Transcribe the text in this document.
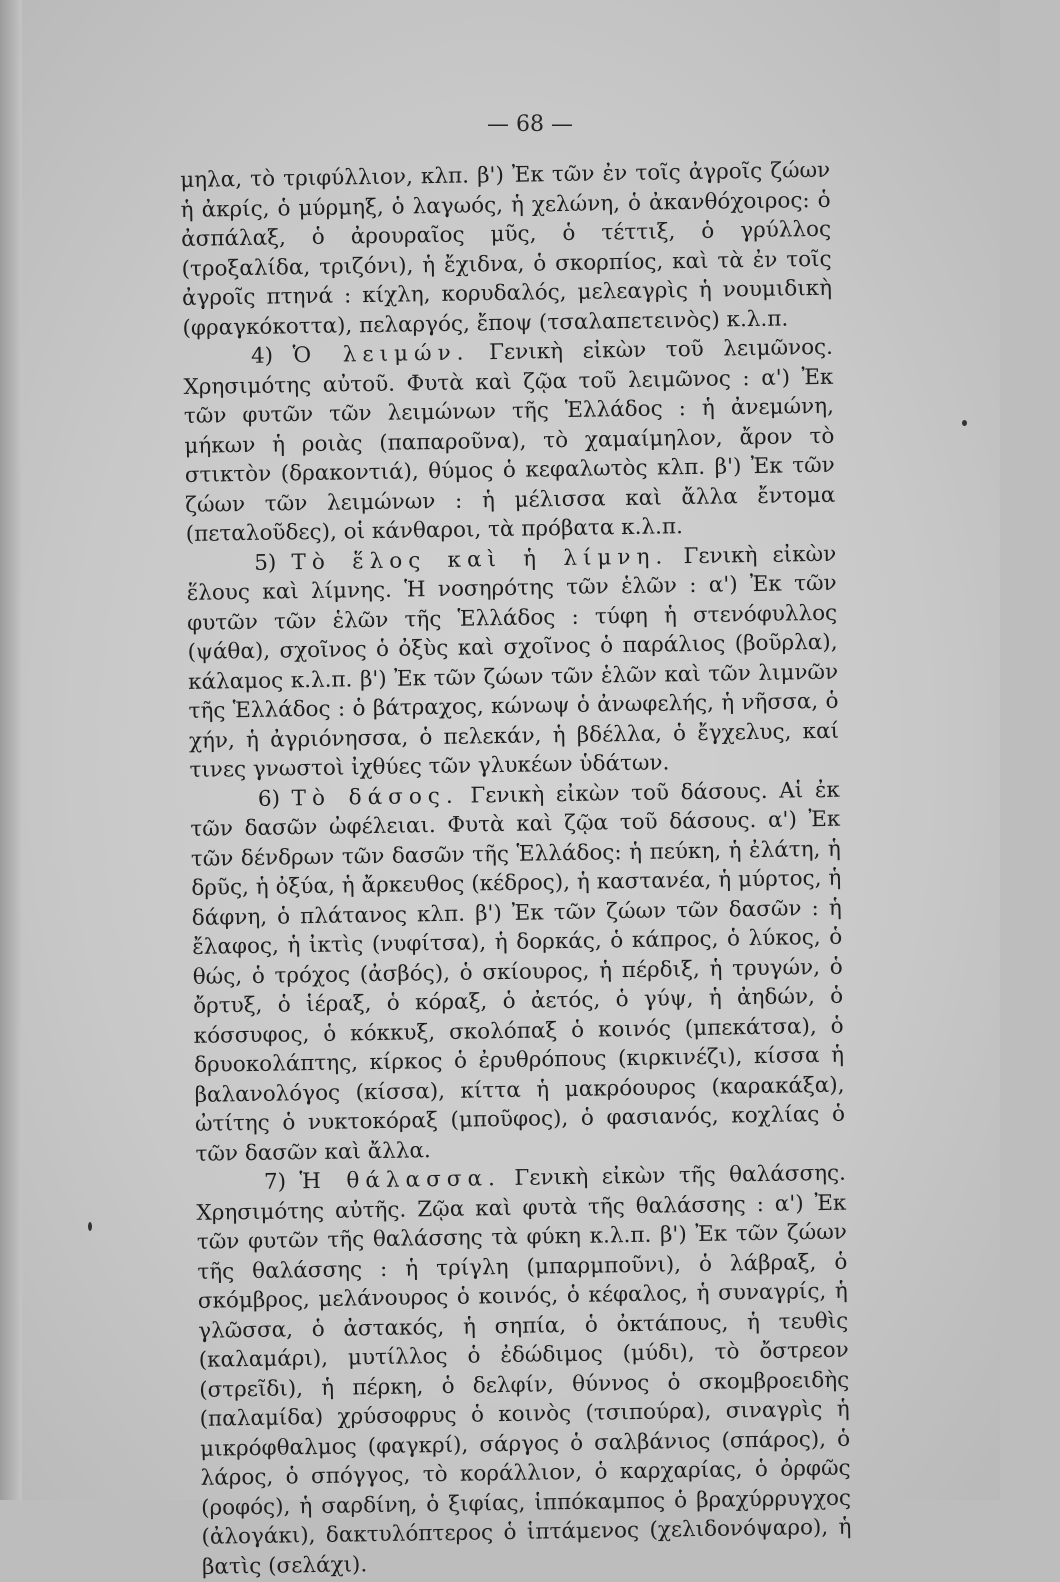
— 68 —

μηλα, τὸ τριφύλλιον, κλπ. β') Ἐκ τῶν ἐν τοῖς ἀγροῖς ζώων ἡ ἀκρίς, ὁ μύρμηξ, ὁ λαγωός, ἡ χελώνη, ὁ ἀκανθόχοιρος: ὁ ἀσπάλαξ, ὁ ἀρουραῖος μῦς, ὁ τέττιξ, ὁ γρύλλος (τροξαλίδα, τριζόνι), ἡ ἔχιδνα, ὁ σκορπίος, καὶ τὰ ἐν τοῖς ἀγροῖς πτηνά : κίχλη, κορυδαλός, μελεαγρὶς ἡ νουμιδικὴ (φραγκόκοττα), πελαργός, ἔποψ (τσαλαπετεινὸς) κ.λ.π.

4) Ὁ λειμών. Γενικὴ εἰκὼν τοῦ λειμῶνος. Χρησιμότης αὐτοῦ. Φυτὰ καὶ ζῷα τοῦ λειμῶνος : α') Ἐκ τῶν φυτῶν τῶν λειμώνων τῆς Ἑλλάδος : ἡ ἀνεμώνη, μήκων ἡ ροιὰς (παπαροῦνα), τὸ χαμαίμηλον, ἄρον τὸ στικτὸν (δρακοντιά), θύμος ὁ κεφαλωτὸς κλπ. β') Ἐκ τῶν ζώων τῶν λειμώνων : ἡ μέλισσα καὶ ἄλλα ἔντομα (πεταλοῦδες), οἱ κάνθαροι, τὰ πρόβατα κ.λ.π.

5) Τὸ ἕλος καὶ ἡ λίμνη. Γενικὴ εἰκὼν ἕλους καὶ λίμνης. Ἡ νοσηρότης τῶν ἑλῶν : α') Ἐκ τῶν φυτῶν τῶν ἑλῶν τῆς Ἑλλάδος : τύφη ἡ στενόφυλλος (ψάθα), σχοῖνος ὁ ὀξὺς καὶ σχοῖνος ὁ παράλιος (βοῦρλα), κάλαμος κ.λ.π. β') Ἐκ τῶν ζώων τῶν ἑλῶν καὶ τῶν λιμνῶν τῆς Ἑλλάδος : ὁ βάτραχος, κώνωψ ὁ ἀνωφελής, ἡ νῆσσα, ὁ χήν, ἡ ἀγριόνησσα, ὁ πελεκάν, ἡ βδέλλα, ὁ ἔγχελυς, καί τινες γνωστοὶ ἰχθύες τῶν γλυκέων ὑδάτων.

6) Τὸ δάσος. Γενικὴ εἰκὼν τοῦ δάσους. Αἱ ἐκ τῶν δασῶν ὠφέλειαι. Φυτὰ καὶ ζῷα τοῦ δάσους. α') Ἐκ τῶν δένδρων τῶν δασῶν τῆς Ἑλλάδος: ἡ πεύκη, ἡ ἐλάτη, ἡ δρῦς, ἡ ὀξύα, ἡ ἄρκευθος (κέδρος), ἡ καστανέα, ἡ μύρτος, ἡ δάφνη, ὁ πλάτανος κλπ. β') Ἐκ τῶν ζώων τῶν δασῶν : ἡ ἔλαφος, ἡ ἰκτὶς (νυφίτσα), ἡ δορκάς, ὁ κάπρος, ὁ λύκος, ὁ θώς, ὁ τρόχος (ἀσβός), ὁ σκίουρος, ἡ πέρδιξ, ἡ τρυγών, ὁ ὄρτυξ, ὁ ἱέραξ, ὁ κόραξ, ὁ ἀετός, ὁ γύψ, ἡ ἀηδών, ὁ κόσσυφος, ὁ κόκκυξ, σκολόπαξ ὁ κοινός (μπεκάτσα), ὁ δρυοκολάπτης, κίρκος ὁ ἐρυθρόπους (κιρκινέζι), κίσσα ἡ βαλανολόγος (κίσσα), κίττα ἡ μακρόουρος (καρακάξα), ὠτίτης ὁ νυκτοκόραξ (μποῦφος), ὁ φασιανός, κοχλίας ὁ τῶν δασῶν καὶ ἄλλα.

7) Ἡ θάλασσα. Γενικὴ εἰκὼν τῆς θαλάσσης. Χρησιμότης αὐτῆς. Ζῷα καὶ φυτὰ τῆς θαλάσσης : α') Ἐκ τῶν φυτῶν τῆς θαλάσσης τὰ φύκη κ.λ.π. β') Ἐκ τῶν ζώων τῆς θαλάσσης : ἡ τρίγλη (μπαρμποῦνι), ὁ λάβραξ, ὁ σκόμβρος, μελάνουρος ὁ κοινός, ὁ κέφαλος, ἡ συναγρίς, ἡ γλῶσσα, ὁ ἀστακός, ἡ σηπία, ὁ ὀκτάπους, ἡ τευθὶς (καλαμάρι), μυτίλλος ὁ ἐδώδιμος (μύδι), τὸ ὄστρεον (στρεῖδι), ἡ πέρκη, ὁ δελφίν, θύννος ὁ σκομβροειδὴς (παλαμίδα) χρύσοφρυς ὁ κοινὸς (τσιπούρα), σιναγρὶς ἡ μικρόφθαλμος (φαγκρί), σάργος ὁ σαλβάνιος (σπάρος), ὁ λάρος, ὁ σπόγγος, τὸ κοράλλιον, ὁ καρχαρίας, ὁ ὀρφῶς (ροφός), ἡ σαρδίνη, ὁ ξιφίας, ἱππόκαμπος ὁ βραχύρρυγχος (ἀλογάκι), δακτυλόπτερος ὁ ἱπτάμενος (χελιδονόψαρο), ἡ βατὶς (σελάχι).
